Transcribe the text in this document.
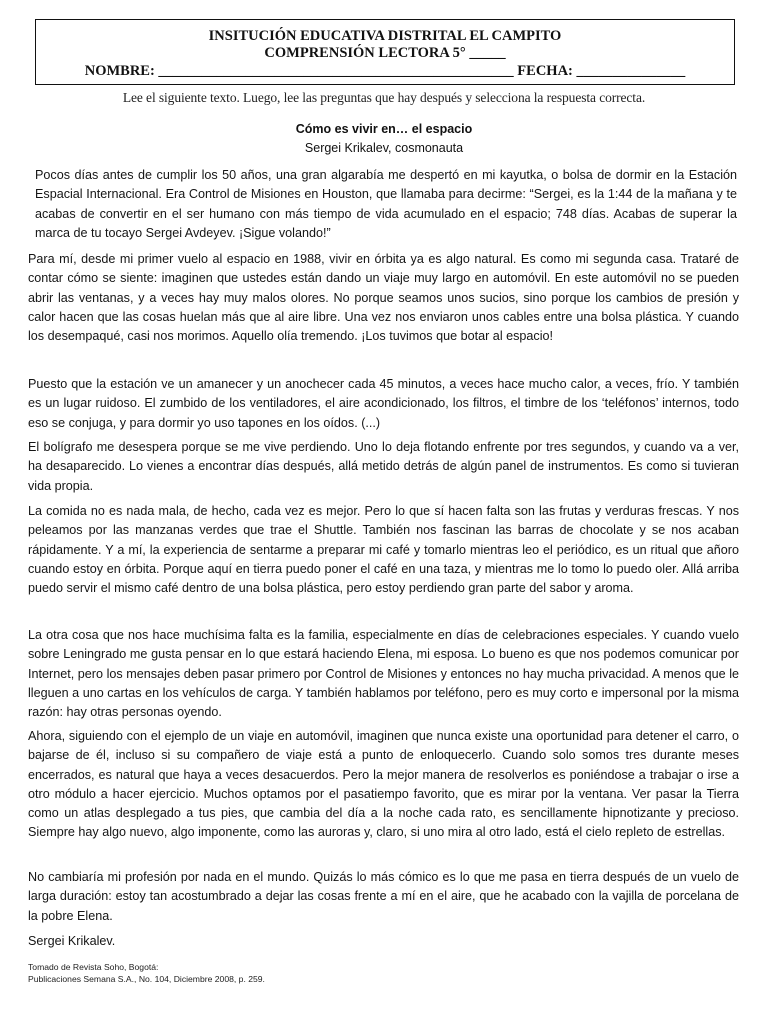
INSITUCIÓN EDUCATIVA DISTRITAL EL CAMPITO
COMPRENSIÓN LECTORA 5° _____
NOMBRE: _________________________________________________ FECHA: _______________
Lee el siguiente texto. Luego, lee las preguntas que hay después y selecciona la respuesta correcta.
Cómo es vivir en… el espacio
Sergei Krikalev, cosmonauta

Pocos días antes de cumplir los 50 años, una gran algarabía me despertó en mi kayutka, o bolsa de dormir en la Estación Espacial Internacional. Era Control de Misiones en Houston, que llamaba para decirme: “Sergei, es la 1:44 de la mañana y te acabas de convertir en el ser humano con más tiempo de vida acumulado en el espacio; 748 días. Acabas de superar la marca de tu tocayo Sergei Avdeyev. ¡Sigue volando!”

Para mí, desde mi primer vuelo al espacio en 1988, vivir en órbita ya es algo natural. Es como mi segunda casa. Trataré de contar cómo se siente: imaginen que ustedes están dando un viaje muy largo en automóvil. En este automóvil no se pueden abrir las ventanas, y a veces hay muy malos olores. No porque seamos unos sucios, sino porque los cambios de presión y calor hacen que las cosas huelan más que al aire libre. Una vez nos enviaron unos cables entre una bolsa plástica. Y cuando los desempaqué, casi nos morimos. Aquello olía tremendo. ¡Los tuvimos que botar al espacio!

Puesto que la estación ve un amanecer y un anochecer cada 45 minutos, a veces hace mucho calor, a veces, frío. Y también es un lugar ruidoso. El zumbido de los ventiladores, el aire acondicionado, los filtros, el timbre de los ‘teléfonos’ internos, todo eso se conjuga, y para dormir yo uso tapones en los oídos. (...)

El bolígrafo me desespera porque se me vive perdiendo. Uno lo deja flotando enfrente por tres segundos, y cuando va a ver, ha desaparecido. Lo vienes a encontrar días después, allá metido detrás de algún panel de instrumentos. Es como si tuvieran vida propia.

La comida no es nada mala, de hecho, cada vez es mejor. Pero lo que sí hacen falta son las frutas y verduras frescas. Y nos peleamos por las manzanas verdes que trae el Shuttle. También nos fascinan las barras de chocolate y se nos acaban rápidamente. Y a mí, la experiencia de sentarme a preparar mi café y tomarlo mientras leo el periódico, es un ritual que añoro cuando estoy en órbita. Porque aquí en tierra puedo poner el café en una taza, y mientras me lo tomo lo puedo oler. Allá arriba puedo servir el mismo café dentro de una bolsa plástica, pero estoy perdiendo gran parte del sabor y aroma.

La otra cosa que nos hace muchísima falta es la familia, especialmente en días de celebraciones especiales. Y cuando vuelo sobre Leningrado me gusta pensar en lo que estará haciendo Elena, mi esposa. Lo bueno es que nos podemos comunicar por Internet, pero los mensajes deben pasar primero por Control de Misiones y entonces no hay mucha privacidad. A menos que le lleguen a uno cartas en los vehículos de carga. Y también hablamos por teléfono, pero es muy corto e impersonal por la misma razón: hay otras personas oyendo.

Ahora, siguiendo con el ejemplo de un viaje en automóvil, imaginen que nunca existe una oportunidad para detener el carro, o bajarse de él, incluso si su compañero de viaje está a punto de enloquecerlo. Cuando solo somos tres durante meses encerrados, es natural que haya a veces desacuerdos. Pero la mejor manera de resolverlos es poniéndose a trabajar o irse a otro módulo a hacer ejercicio. Muchos optamos por el pasatiempo favorito, que es mirar por la ventana. Ver pasar la Tierra como un atlas desplegado a tus pies, que cambia del día a la noche cada rato, es sencillamente hipnotizante y precioso. Siempre hay algo nuevo, algo imponente, como las auroras y, claro, si uno mira al otro lado, está el cielo repleto de estrellas.

No cambiaría mi profesión por nada en el mundo. Quizás lo más cómico es lo que me pasa en tierra después de un vuelo de larga duración: estoy tan acostumbrado a dejar las cosas frente a mí en el aire, que he acabado con la vajilla de porcelana de la pobre Elena.

Sergei Krikalev.

Tomado de Revista Soho, Bogotá:
Publicaciones Semana S.A., No. 104, Diciembre 2008, p. 259.
